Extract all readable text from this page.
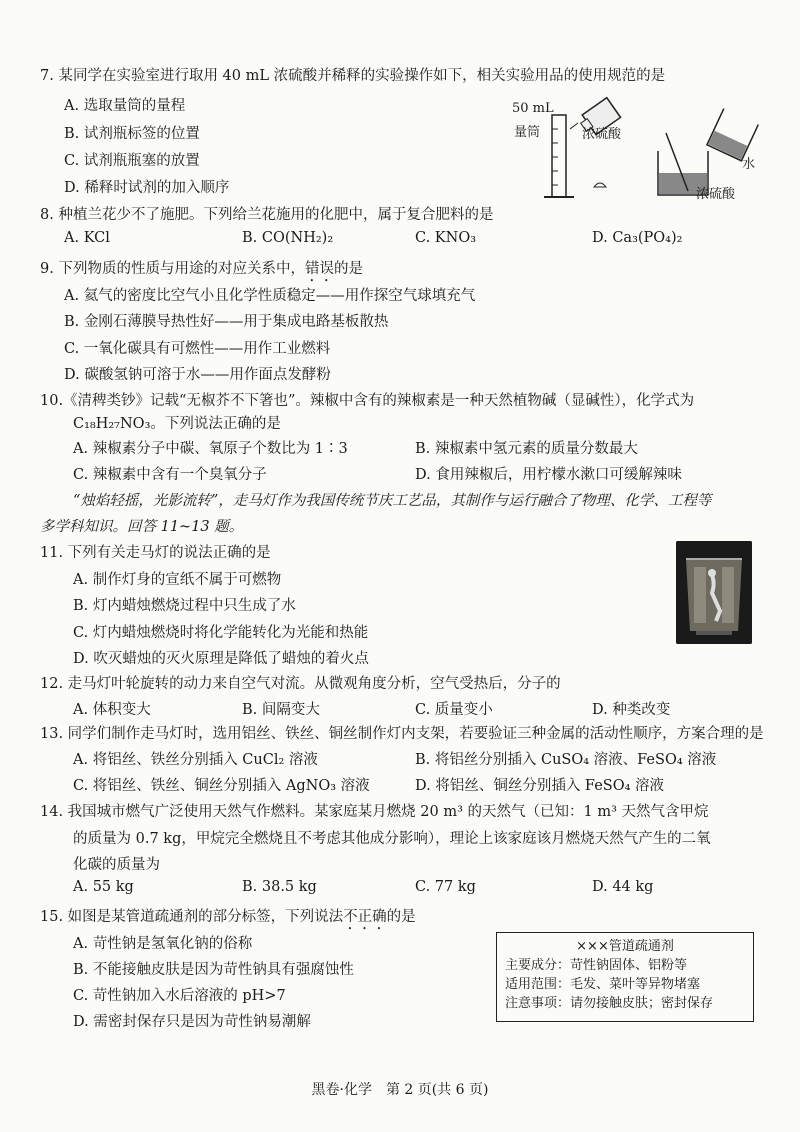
7. 某同学在实验室进行取用 40 mL 浓硫酸并稀释的实验操作如下，相关实验用品的使用规范的是
A. 选取量筒的量程
B. 试剂瓶标签的位置
C. 试剂瓶瓶塞的放置
D. 稀释时试剂的加入顺序
50 mL
量筒	浓硫酸
水
浓硫酸
8. 种植兰花少不了施肥。下列给兰花施用的化肥中，属于复合肥料的是
A. KCl	B. CO(NH₂)₂	C. KNO₃	D. Ca₃(PO₄)₂
9. 下列物质的性质与用途的对应关系中，错误的是
A. 氦气的密度比空气小且化学性质稳定——用作探空气球填充气
B. 金刚石薄膜导热性好——用于集成电路基板散热
C. 一氧化碳具有可燃性——用作工业燃料
D. 碳酸氢钠可溶于水——用作面点发酵粉
10.《清稗类钞》记载“无椒芥不下箸也”。辣椒中含有的辣椒素是一种天然植物碱（显碱性），化学式为
C₁₈H₂₇NO₃。下列说法正确的是
A. 辣椒素分子中碳、氧原子个数比为 1∶3	B. 辣椒素中氢元素的质量分数最大
C. 辣椒素中含有一个臭氧分子	D. 食用辣椒后，用柠檬水漱口可缓解辣味
“烛焰轻摇，光影流转”，走马灯作为我国传统节庆工艺品，其制作与运行融合了物理、化学、工程等
多学科知识。回答 11~13 题。
11. 下列有关走马灯的说法正确的是
A. 制作灯身的宣纸不属于可燃物
B. 灯内蜡烛燃烧过程中只生成了水
C. 灯内蜡烛燃烧时将化学能转化为光能和热能
D. 吹灭蜡烛的灭火原理是降低了蜡烛的着火点
12. 走马灯叶轮旋转的动力来自空气对流。从微观角度分析，空气受热后，分子的
A. 体积变大	B. 间隔变大	C. 质量变小	D. 种类改变
13. 同学们制作走马灯时，选用铝丝、铁丝、铜丝制作灯内支架，若要验证三种金属的活动性顺序，方案合理的是
A. 将铝丝、铁丝分别插入 CuCl₂ 溶液	B. 将铝丝分别插入 CuSO₄ 溶液、FeSO₄ 溶液
C. 将铝丝、铁丝、铜丝分别插入 AgNO₃ 溶液	D. 将铝丝、铜丝分别插入 FeSO₄ 溶液
14. 我国城市燃气广泛使用天然气作燃料。某家庭某月燃烧 20 m³ 的天然气（已知：1 m³ 天然气含甲烷
的质量为 0.7 kg，甲烷完全燃烧且不考虑其他成分影响），理论上该家庭该月燃烧天然气产生的二氧
化碳的质量为
A. 55 kg	B. 38.5 kg	C. 77 kg	D. 44 kg
15. 如图是某管道疏通剂的部分标签，下列说法不正确的是
A. 苛性钠是氢氧化钠的俗称
B. 不能接触皮肤是因为苛性钠具有强腐蚀性
C. 苛性钠加入水后溶液的 pH>7
D. 需密封保存只是因为苛性钠易潮解
×××管道疏通剂
主要成分：苛性钠固体、铝粉等
适用范围：毛发、菜叶等异物堵塞
注意事项：请勿接触皮肤；密封保存
黑卷·化学　第 2 页(共 6 页)
